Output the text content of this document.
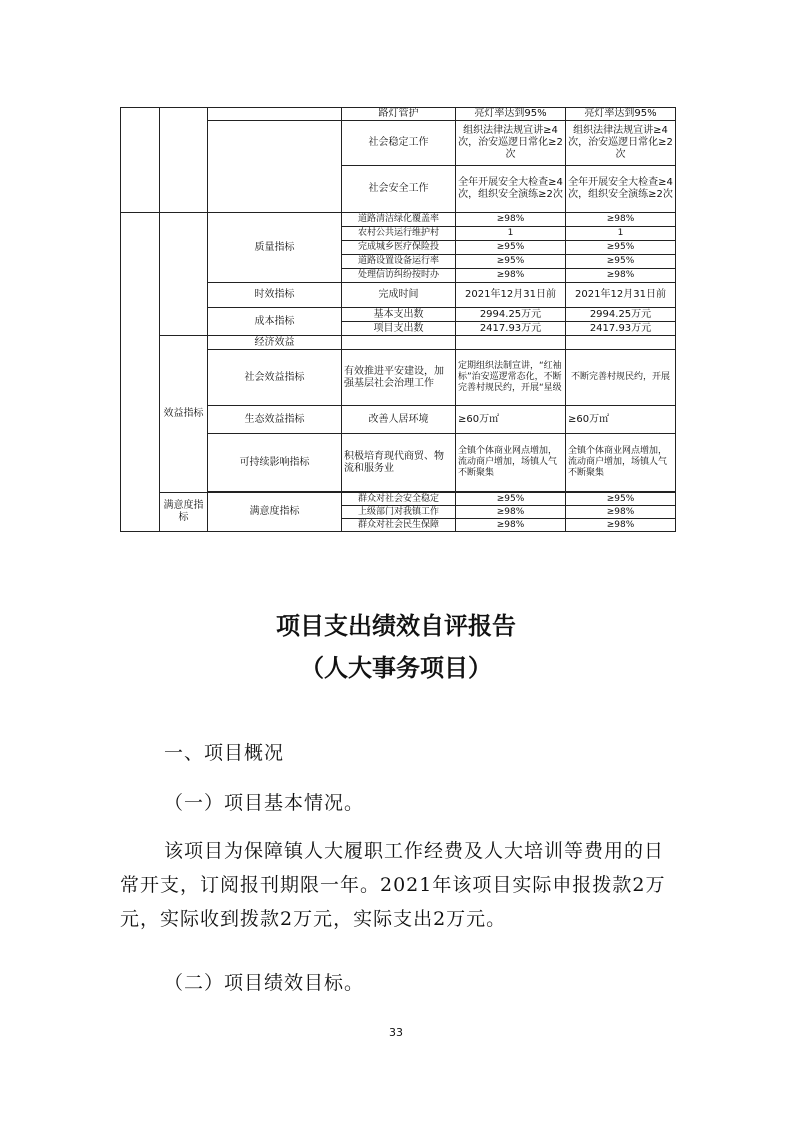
			路灯管护	亮灯率达到95%	亮灯率达到95%
			社会稳定工作	组织法律法规宣讲≥4次，治安巡逻日常化≥2次	组织法律法规宣讲≥4次，治安巡逻日常化≥2次
			社会安全工作	全年开展安全大检查≥4次，组织安全演练≥2次	全年开展安全大检查≥4次，组织安全演练≥2次
		质量指标	道路清洁绿化覆盖率	≥98%	≥98%
			农村公共运行维护村	1	1
			完成城乡医疗保险投	≥95%	≥95%
			道路设置设备运行率	≥95%	≥95%
			处理信访纠纷按时办	≥98%	≥98%
		时效指标	完成时间	2021年12月31日前	2021年12月31日前
		成本指标	基本支出数	2994.25万元	2994.25万元
			项目支出数	2417.93万元	2417.93万元
	效益指标	经济效益			
		社会效益指标	有效推进平安建设，加强基层社会治理工作	定期组织法制宣讲，“红袖标”治安巡逻常态化，不断完善村规民约，开展“星级	不断完善村规民约，开展

		生态效益指标	改善人居环境	≥60万㎡	≥60万㎡
		可持续影响指标	积极培育现代商贸、物流和服务业	全镇个体商业网点增加，流动商户增加，场镇人气不断聚集	全镇个体商业网点增加，流动商户增加，场镇人气不断聚集

	满意度指标	满意度指标	群众对社会安全稳定	≥95%	≥95%
			上级部门对我镇工作	≥98%	≥98%
			群众对社会民生保障	≥98%	≥98%
项目支出绩效自评报告
（人大事务项目）
一、项目概况
（一）项目基本情况。
该项目为保障镇人大履职工作经费及人大培训等费用的日常开支，订阅报刊期限一年。2021年该项目实际申报拨款2万元，实际收到拨款2万元，实际支出2万元。
（二）项目绩效目标。
33
